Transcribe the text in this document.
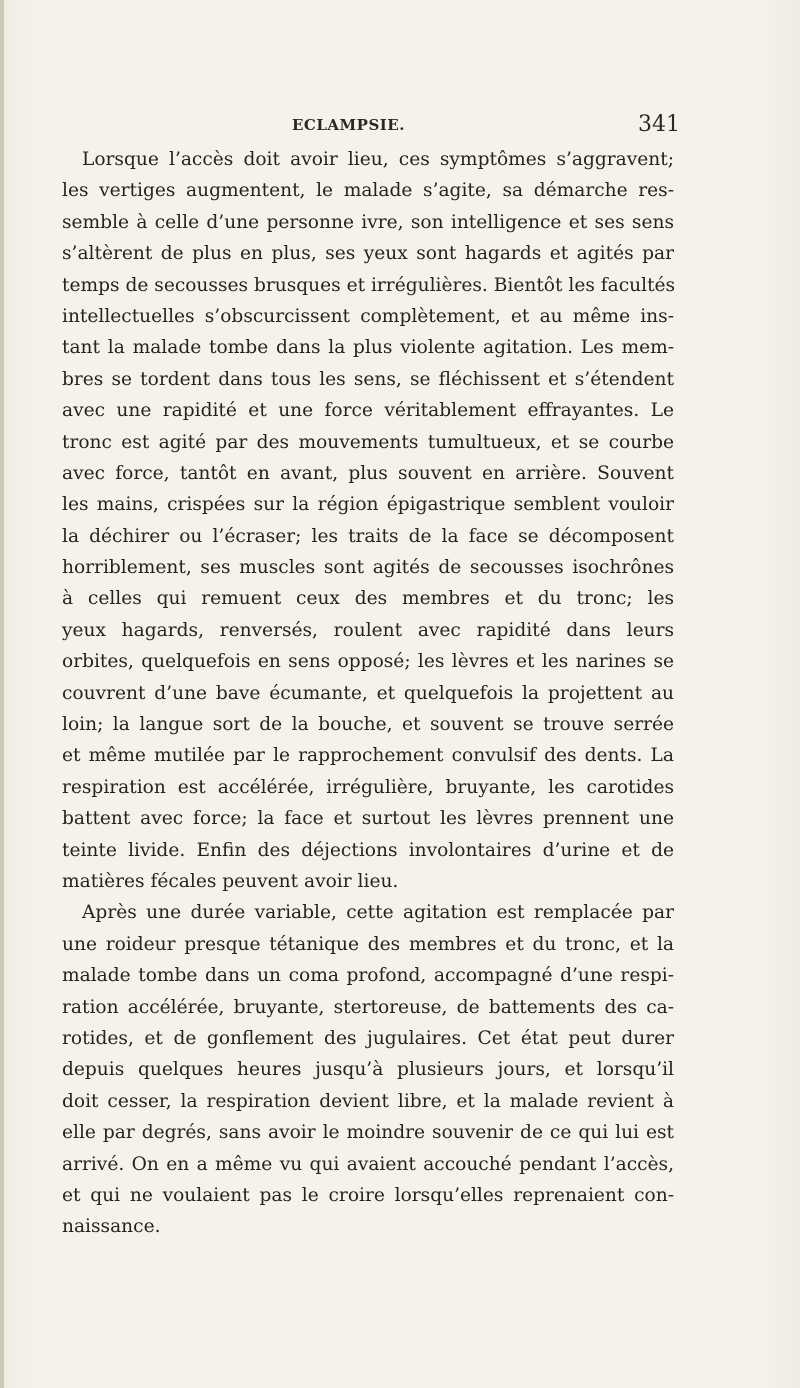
ECLAMPSIE.	341
Lorsque l’accès doit avoir lieu, ces symptômes s’aggravent;
les vertiges augmentent, le malade s’agite, sa démarche res-
semble à celle d’une personne ivre, son intelligence et ses sens
s’altèrent de plus en plus, ses yeux sont hagards et agités par
temps de secousses brusques et irrégulières. Bientôt les facultés
intellectuelles s’obscurcissent complètement, et au même ins-
tant la malade tombe dans la plus violente agitation. Les mem-
bres se tordent dans tous les sens, se fléchissent et s’étendent
avec une rapidité et une force véritablement effrayantes. Le
tronc est agité par des mouvements tumultueux, et se courbe
avec force, tantôt en avant, plus souvent en arrière. Souvent
les mains, crispées sur la région épigastrique semblent vouloir
la déchirer ou l’écraser; les traits de la face se décomposent
horriblement, ses muscles sont agités de secousses isochrônes
à celles qui remuent ceux des membres et du tronc; les
yeux hagards, renversés, roulent avec rapidité dans leurs
orbites, quelquefois en sens opposé; les lèvres et les narines se
couvrent d’une bave écumante, et quelquefois la projettent au
loin; la langue sort de la bouche, et souvent se trouve serrée
et même mutilée par le rapprochement convulsif des dents. La
respiration est accélérée, irrégulière, bruyante, les carotides
battent avec force; la face et surtout les lèvres prennent une
teinte livide. Enfin des déjections involontaires d’urine et de
matières fécales peuvent avoir lieu.
Après une durée variable, cette agitation est remplacée par
une roideur presque tétanique des membres et du tronc, et la
malade tombe dans un coma profond, accompagné d’une respi-
ration accélérée, bruyante, stertoreuse, de battements des ca-
rotides, et de gonflement des jugulaires. Cet état peut durer
depuis quelques heures jusqu’à plusieurs jours, et lorsqu’il
doit cesser, la respiration devient libre, et la malade revient à
elle par degrés, sans avoir le moindre souvenir de ce qui lui est
arrivé. On en a même vu qui avaient accouché pendant l’accès,
et qui ne voulaient pas le croire lorsqu’elles reprenaient con-
naissance.
